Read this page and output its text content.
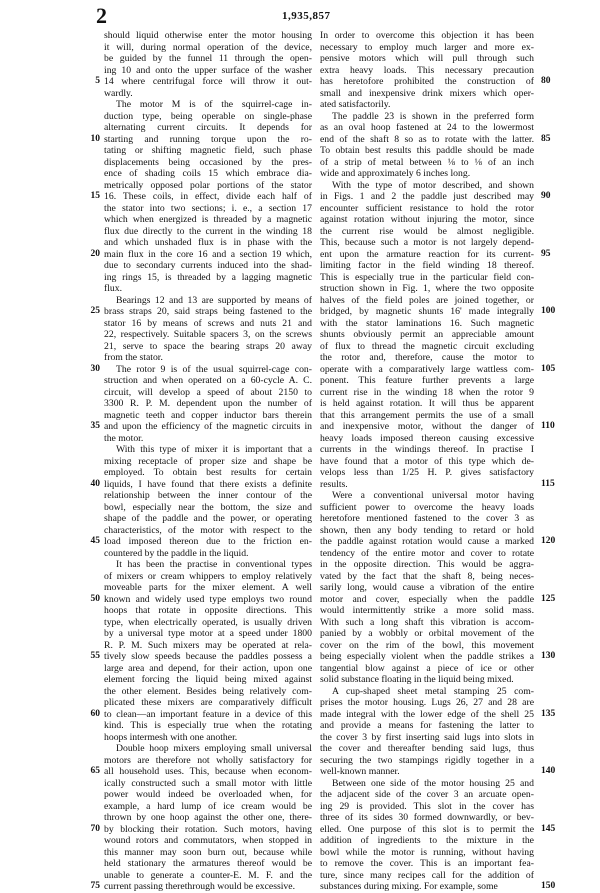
2	1,935,857
should liquid otherwise enter the motor housing
it will, during normal operation of the device,
be guided by the funnel 11 through the open-
ing 10 and onto the upper surface of the washer
14 where centrifugal force will throw it out-
wardly.
The motor M is of the squirrel-cage in-
duction type, being operable on single-phase
alternating current circuits. It depends for
starting and running torque upon the ro-
tating or shifting magnetic field, such phase
displacements being occasioned by the pres-
ence of shading coils 15 which embrace dia-
metrically opposed polar portions of the stator
16. These coils, in effect, divide each half of
the stator into two sections; i. e., a section 17
which when energized is threaded by a magnetic
flux due directly to the current in the winding 18
and which unshaded flux is in phase with the
main flux in the core 16 and a section 19 which,
due to secondary currents induced into the shad-
ing rings 15, is threaded by a lagging magnetic
flux.
Bearings 12 and 13 are supported by means of
brass straps 20, said straps being fastened to the
stator 16 by means of screws and nuts 21 and
22, respectively. Suitable spacers 3, on the screws
21, serve to space the bearing straps 20 away
from the stator.
The rotor 9 is of the usual squirrel-cage con-
struction and when operated on a 60-cycle A. C.
circuit, will develop a speed of about 2150 to
3300 R. P. M. dependent upon the number of
magnetic teeth and copper inductor bars therein
and upon the efficiency of the magnetic circuits in
the motor.
With this type of mixer it is important that a
mixing receptacle of proper size and shape be
employed. To obtain best results for certain
liquids, I have found that there exists a definite
relationship between the inner contour of the
bowl, especially near the bottom, the size and
shape of the paddle and the power, or operating
characteristics, of the motor with respect to the
load imposed thereon due to the friction en-
countered by the paddle in the liquid.
It has been the practise in conventional types
of mixers or cream whippers to employ relatively
moveable parts for the mixer element. A well
known and widely used type employs two round
hoops that rotate in opposite directions. This
type, when electrically operated, is usually driven
by a universal type motor at a speed under 1800
R. P. M. Such mixers may be operated at rela-
tively slow speeds because the paddles possess a
large area and depend, for their action, upon one
element forcing the liquid being mixed against
the other element. Besides being relatively com-
plicated these mixers are comparatively difficult
to clean—an important feature in a device of this
kind. This is especially true when the rotating
hoops intermesh with one another.
Double hoop mixers employing small universal
motors are therefore not wholly satisfactory for
all household uses. This, because when econom-
ically constructed such a small motor with little
power would indeed be overloaded when, for
example, a hard lump of ice cream would be
thrown by one hoop against the other one, there-
by blocking their rotation. Such motors, having
wound rotors and commutators, when stopped in
this manner may soon burn out, because while
held stationary the armatures thereof would be
unable to generate a counter-E. M. F. and the
current passing therethrough would be excessive.
In order to overcome this objection it has been
necessary to employ much larger and more ex-
pensive motors which will pull through such
extra heavy loads. This necessary precaution
has heretofore prohibited the construction of
small and inexpensive drink mixers which oper-
ated satisfactorily.
The paddle 23 is shown in the preferred form
as an oval hoop fastened at 24 to the lowermost
end of the shaft 8 so as to rotate with the latter.
To obtain best results this paddle should be made
of a strip of metal between ⅛ to ⅛ of an inch
wide and approximately 6 inches long.
With the type of motor described, and shown
in Figs. 1 and 2 the paddle just described may
encounter sufficient resistance to hold the rotor
against rotation without injuring the motor, since
the current rise would be almost negligible.
This, because such a motor is not largely depend-
ent upon the armature reaction for its current-
limiting factor in the field winding 18 thereof.
This is especially true in the particular field con-
struction shown in Fig. 1, where the two opposite
halves of the field poles are joined together, or
bridged, by magnetic shunts 16' made integrally
with the stator laminations 16. Such magnetic
shunts obviously permit an appreciable amount
of flux to thread the magnetic circuit excluding
the rotor and, therefore, cause the motor to
operate with a comparatively large wattless com-
ponent. This feature further prevents a large
current rise in the winding 18 when the rotor 9
is held against rotation. It will thus be apparent
that this arrangement permits the use of a small
and inexpensive motor, without the danger of
heavy loads imposed thereon causing excessive
currents in the windings thereof. In practise I
have found that a motor of this type which de-
velops less than 1/25 H. P. gives satisfactory
results.
Were a conventional universal motor having
sufficient power to overcome the heavy loads
heretofore mentioned fastened to the cover 3 as
shown, then any body tending to retard or hold
the paddle against rotation would cause a marked
tendency of the entire motor and cover to rotate
in the opposite direction. This would be aggra-
vated by the fact that the shaft 8, being neces-
sarily long, would cause a vibration of the entire
motor and cover, especially when the paddle
would intermittently strike a more solid mass.
With such a long shaft this vibration is accom-
panied by a wobbly or orbital movement of the
cover on the rim of the bowl, this movement
being especially violent when the paddle strikes a
tangential blow against a piece of ice or other
solid substance floating in the liquid being mixed.
A cup-shaped sheet metal stamping 25 com-
prises the motor housing. Lugs 26, 27 and 28 are
made integral with the lower edge of the shell 25
and provide a means for fastening the latter to
the cover 3 by first inserting said lugs into slots in
the cover and thereafter bending said lugs, thus
securing the two stampings rigidly together in a
well-known manner.
Between one side of the motor housing 25 and
the adjacent side of the cover 3 an arcuate open-
ing 29 is provided. This slot in the cover has
three of its sides 30 formed downwardly, or bev-
elled. One purpose of this slot is to permit the
addition of ingredients to the mixture in the
bowl while the motor is running, without having
to remove the cover. This is an important fea-
ture, since many recipes call for the addition of
substances during mixing. For example, some
5
10
15
20
25
30
35
40
45
50
55
60
65
70
75
80
85
90
95
100
105
110
115
120
125
130
135
140
145
150
